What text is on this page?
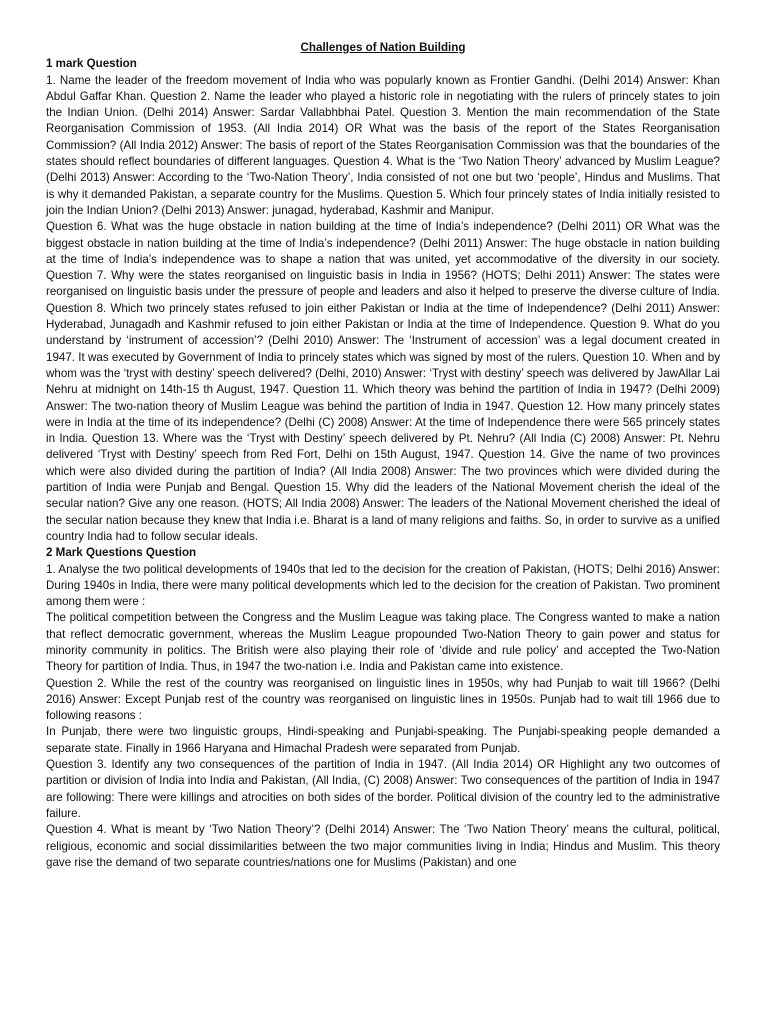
Challenges of Nation Building

1 mark Question

1. Name the leader of the freedom movement of India who was popularly known as Frontier Gandhi. (Delhi 2014) Answer: Khan Abdul Gaffar Khan. Question 2. Name the leader who played a historic role in negotiating with the rulers of princely states to join the Indian Union. (Delhi 2014) Answer: Sardar Vallabhbhai Patel. Question 3. Mention the main recommendation of the State Reorganisation Commission of 1953. (All India 2014) OR What was the basis of the report of the States Reorganisation Commission? (All India 2012) Answer: The basis of report of the States Reorganisation Commission was that the boundaries of the states should reflect boundaries of different languages. Question 4. What is the ‘Two Nation Theory’ advanced by Muslim League? (Delhi 2013) Answer: According to the ‘Two-Nation Theory’, India consisted of not one but two ‘people’, Hindus and Muslims. That is why it demanded Pakistan, a separate country for the Muslims. Question 5. Which four princely states of India initially resisted to join the Indian Union? (Delhi 2013) Answer: junagad, hyderabad, Kashmir and Manipur.

Question 6. What was the huge obstacle in nation building at the time of India’s independence? (Delhi 2011) OR What was the biggest obstacle in nation building at the time of India’s independence? (Delhi 2011) Answer: The huge obstacle in nation building at the time of India’s independence was to shape a nation that was united, yet accommodative of the diversity in our society. Question 7. Why were the states reorganised on linguistic basis in India in 1956? (HOTS; Delhi 2011) Answer: The states were reorganised on linguistic basis under the pressure of people and leaders and also it helped to preserve the diverse culture of India. Question 8. Which two princely states refused to join either Pakistan or India at the time of Independence? (Delhi 2011) Answer: Hyderabad, Junagadh and Kashmir refused to join either Pakistan or India at the time of Independence. Question 9. What do you understand by ‘instrument of accession’? (Delhi 2010) Answer: The ‘Instrument of accession’ was a legal document created in 1947. It was executed by Government of India to princely states which was signed by most of the rulers. Question 10. When and by whom was the ‘tryst with destiny’ speech delivered? (Delhi, 2010) Answer: ‘Tryst with destiny’ speech was delivered by JawAllar Lai Nehru at midnight on 14th-15 th August, 1947. Question 11. Which theory was behind the partition of India in 1947? (Delhi 2009) Answer: The two-nation theory of Muslim League was behind the partition of India in 1947. Question 12. How many princely states were in India at the time of its independence? (Delhi (C) 2008) Answer: At the time of Independence there were 565 princely states in India. Question 13. Where was the ‘Tryst with Destiny’ speech delivered by Pt. Nehru? (All India (C) 2008) Answer: Pt. Nehru delivered ‘Tryst with Destiny’ speech from Red Fort, Delhi on 15th August, 1947. Question 14. Give the name of two provinces which were also divided during the partition of India? (All India 2008) Answer: The two provinces which were divided during the partition of India were Punjab and Bengal. Question 15. Why did the leaders of the National Movement cherish the ideal of the secular nation? Give any one reason. (HOTS; All India 2008) Answer: The leaders of the National Movement cherished the ideal of the secular nation because they knew that India i.e. Bharat is a land of many religions and faiths. So, in order to survive as a unified country India had to follow secular ideals.

2 Mark Questions Question

1. Analyse the two political developments of 1940s that led to the decision for the creation of Pakistan, (HOTS; Delhi 2016) Answer: During 1940s in India, there were many political developments which led to the decision for the creation of Pakistan. Two prominent among them were :

The political competition between the Congress and the Muslim League was taking place. The Congress wanted to make a nation that reflect democratic government, whereas the Muslim League propounded Two-Nation Theory to gain power and status for minority community in politics. The British were also playing their role of ‘divide and rule policy’ and accepted the Two-Nation Theory for partition of India. Thus, in 1947 the two-nation i.e. India and Pakistan came into existence.

Question 2. While the rest of the country was reorganised on linguistic lines in 1950s, why had Punjab to wait till 1966? (Delhi 2016) Answer: Except Punjab rest of the country was reorganised on linguistic lines in 1950s. Punjab had to wait till 1966 due to following reasons :

In Punjab, there were two linguistic groups, Hindi-speaking and Punjabi-speaking. The Punjabi-speaking people demanded a separate state. Finally in 1966 Haryana and Himachal Pradesh were separated from Punjab.

Question 3. Identify any two consequences of the partition of India in 1947. (All India 2014) OR Highlight any two outcomes of partition or division of India into India and Pakistan, (All India, (C) 2008) Answer: Two consequences of the partition of India in 1947 are following: There were killings and atrocities on both sides of the border. Political division of the country led to the administrative failure.

Question 4. What is meant by ‘Two Nation Theory’? (Delhi 2014) Answer: The ‘Two Nation Theory’ means the cultural, political, religious, economic and social dissimilarities between the two major communities living in India; Hindus and Muslim. This theory gave rise the demand of two separate countries/nations one for Muslims (Pakistan) and one
